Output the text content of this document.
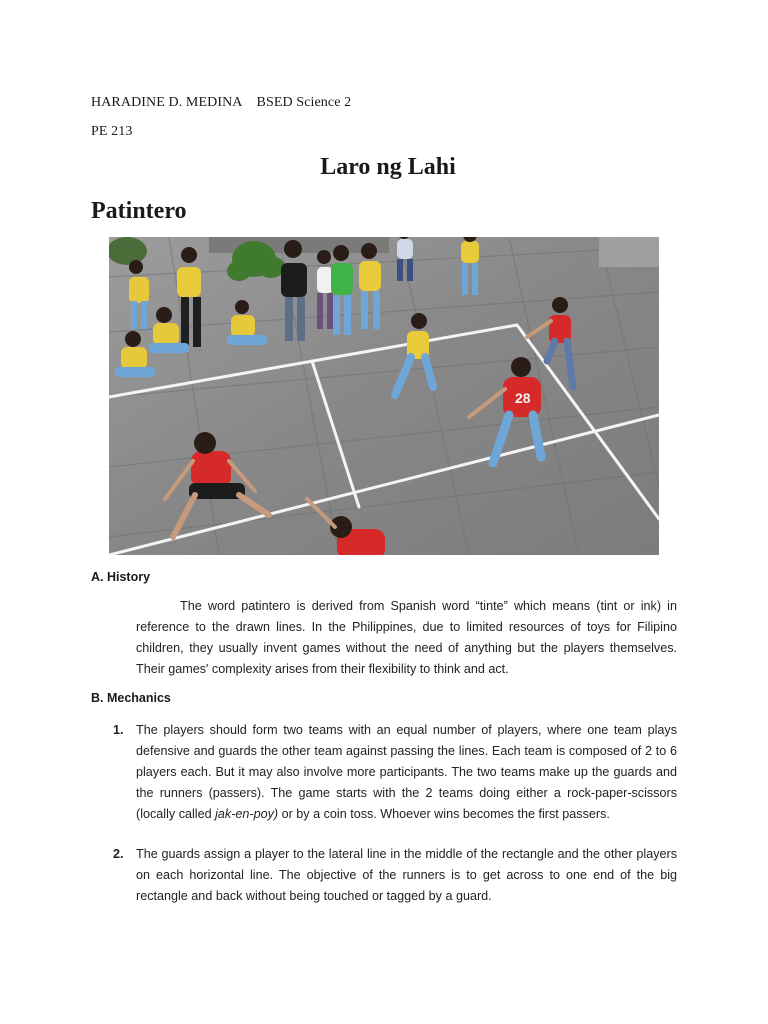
HARADINE D. MEDINA BSED Science 2
PE 213
Laro ng Lahi
Patintero
28
A. History
The word patintero is derived from Spanish word “tinte” which means (tint or ink) in reference to the drawn lines. In the Philippines, due to limited resources of toys for Filipino children, they usually invent games without the need of anything but the players themselves. Their games' complexity arises from their flexibility to think and act.
B. Mechanics
1. The players should form two teams with an equal number of players, where one team plays defensive and guards the other team against passing the lines. Each team is composed of 2 to 6 players each. But it may also involve more participants. The two teams make up the guards and the runners (passers). The game starts with the 2 teams doing either a rock-paper-scissors (locally called jak-en-poy) or by a coin toss. Whoever wins becomes the first passers.
2. The guards assign a player to the lateral line in the middle of the rectangle and the other players on each horizontal line. The objective of the runners is to get across to one end of the big rectangle and back without being touched or tagged by a guard.
